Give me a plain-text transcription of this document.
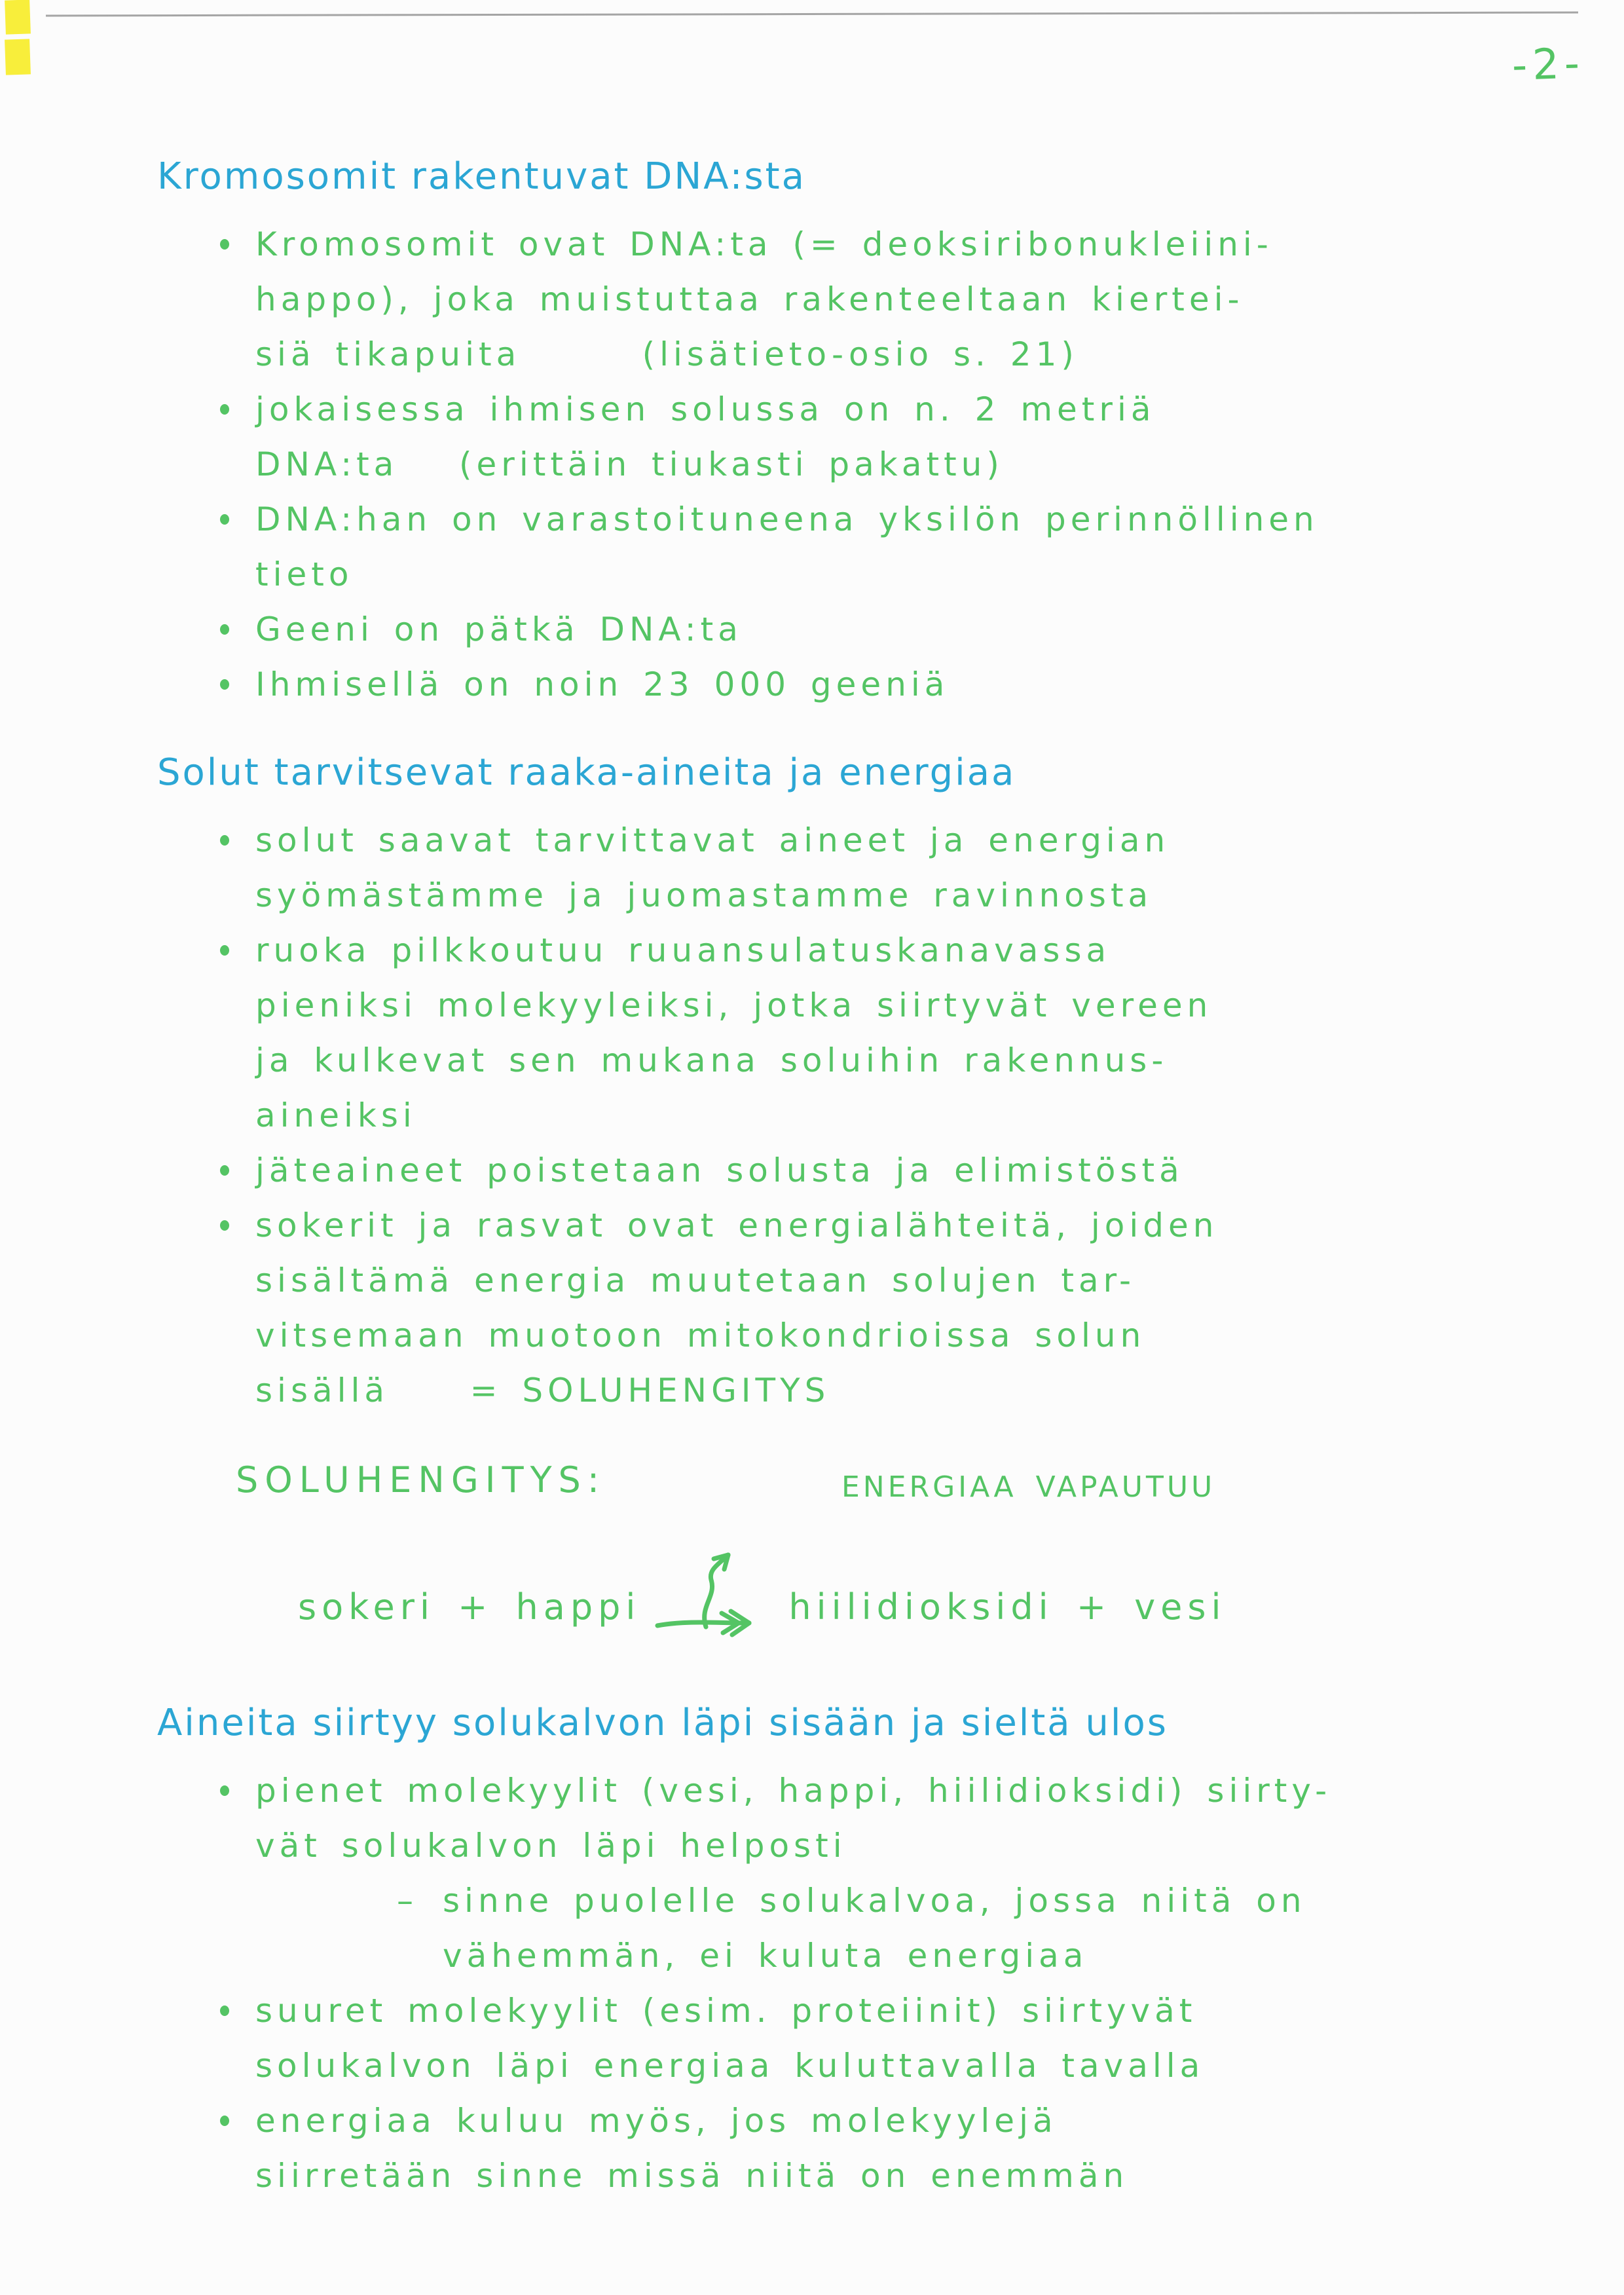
-2-
Kromosomit rakentuvat DNA:sta
Kromosomit ovat DNA:ta (= deoksiribonukleiini-
happo), joka muistuttaa rakenteeltaan kiertei-
siä tikapuita      (lisätieto-osio s. 21)
jokaisessa ihmisen solussa on n. 2 metriä
DNA:ta   (erittäin tiukasti pakattu)
DNA:han on varastoituneena yksilön perinnöllinen
tieto
Geeni on pätkä DNA:ta
Ihmisellä on noin 23 000 geeniä
Solut tarvitsevat raaka-aineita ja energiaa
solut saavat tarvittavat aineet ja energian
syömästämme ja juomastamme ravinnosta
ruoka pilkkoutuu ruuansulatuskanavassa
pieniksi molekyyleiksi, jotka siirtyvät vereen
ja kulkevat sen mukana soluihin rakennus-
aineiksi
jäteaineet poistetaan solusta ja elimistöstä
sokerit ja rasvat ovat energialähteitä, joiden
sisältämä energia muutetaan solujen tar-
vitsemaan muotoon mitokondrioissa solun
sisällä    = SOLUHENGITYS
SOLUHENGITYS:
sokeri + happi	hiilidioksidi + vesi
ENERGIAA VAPAUTUU
Aineita siirtyy solukalvon läpi sisään ja sieltä ulos
pienet molekyylit (vesi, happi, hiilidioksidi) siirty-
vät solukalvon läpi helposti
– sinne puolelle solukalvoa, jossa niitä on
vähemmän, ei kuluta energiaa
suuret molekyylit (esim. proteiinit) siirtyvät
solukalvon läpi energiaa kuluttavalla tavalla
energiaa kuluu myös, jos molekyylejä
siirretään sinne missä niitä on enemmän
